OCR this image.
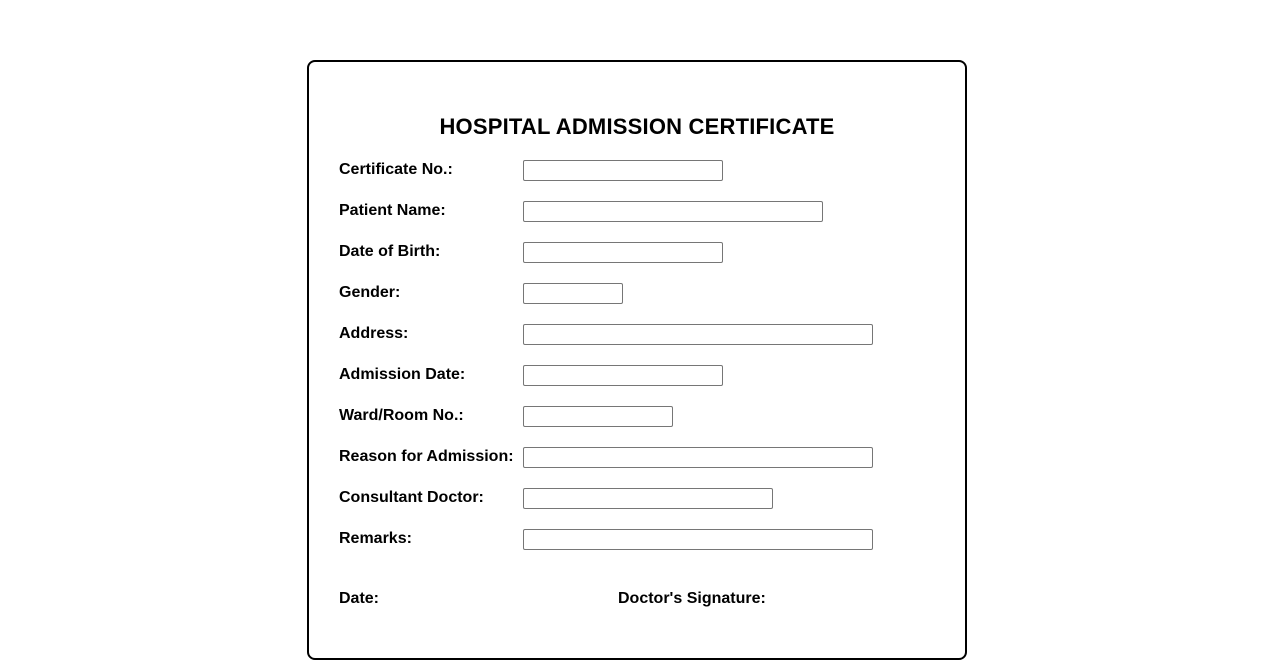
HOSPITAL ADMISSION CERTIFICATE
Certificate No.:
Patient Name:
Date of Birth:
Gender:
Address:
Admission Date:
Ward/Room No.:
Reason for Admission:
Consultant Doctor:
Remarks:
Date:	Doctor's Signature:
